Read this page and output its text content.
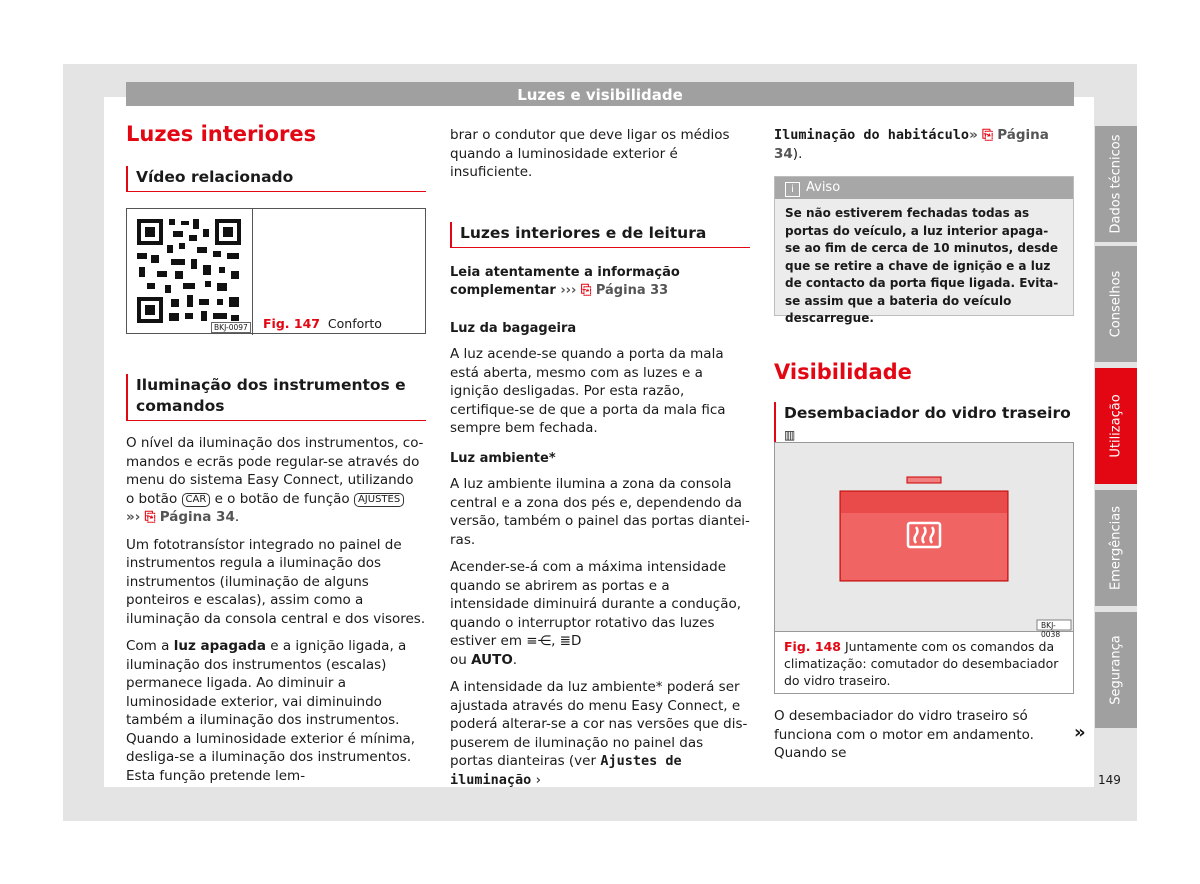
Luzes e visibilidade
Luzes interiores
Vídeo relacionado
BKJ-0097 Fig. 147 Conforto
Iluminação dos instrumentos e comandos

O nível da iluminação dos instrumentos, comandos e ecrãs pode regular-se através do menu do sistema Easy Connect, utilizando o botão CAR e o botão de função AJUSTES
»› ⎘ Página 34.

Um fototransístor integrado no painel de instrumentos regula a iluminação dos instrumentos (iluminação de alguns ponteiros e escalas), assim como a iluminação da consola central e dos visores.

Com a luz apagada e a ignição ligada, a iluminação dos instrumentos (escalas) permanece ligada. Ao diminuir a luminosidade exterior, vai diminuindo também a iluminação dos instrumentos. Quando a luminosidade exterior é mínima, desliga-se a iluminação dos instrumentos. Esta função pretende lem-

brar o condutor que deve ligar os médios quando a luminosidade exterior é insuficiente.

Luzes interiores e de leitura

Leia atentamente a informação complementar ››› ⎘ Página 33

Luz da bagageira

A luz acende-se quando a porta da mala está aberta, mesmo com as luzes e a ignição desligadas. Por esta razão, certifique-se de que a porta da mala fica sempre bem fechada.

Luz ambiente*

A luz ambiente ilumina a zona da consola central e a zona dos pés e, dependendo da versão, também o painel das portas dianteiras.

Acender-se-á com a máxima intensidade quando se abrirem as portas e a intensidade diminuirá durante a condução, quando o interruptor rotativo das luzes estiver em ≡⋲, ≣D
ou AUTO.

A intensidade da luz ambiente* poderá ser ajustada através do menu Easy Connect, e poderá alterar-se a cor nas versões que dispuserem de iluminação no painel das portas dianteiras (ver Ajustes de iluminação ›

Iluminação do habitáculo» ⎘ Página 34).

i Aviso
Se não estiverem fechadas todas as portas do veículo, a luz interior apaga-se ao fim de cerca de 10 minutos, desde que se retire a chave de ignição e a luz de contacto da porta fique ligada. Evita-se assim que a bateria do veículo descarregue.
Visibilidade
Desembaciador do vidro traseiro ▥
BKJ-0038
Fig. 148 Juntamente com os comandos da climatização: comutador do desembaciador do vidro traseiro.

O desembaciador do vidro traseiro só funciona com o motor em andamento. Quando se

»
Dados técnicos
Conselhos
Utilização
Emergências
Segurança
149
